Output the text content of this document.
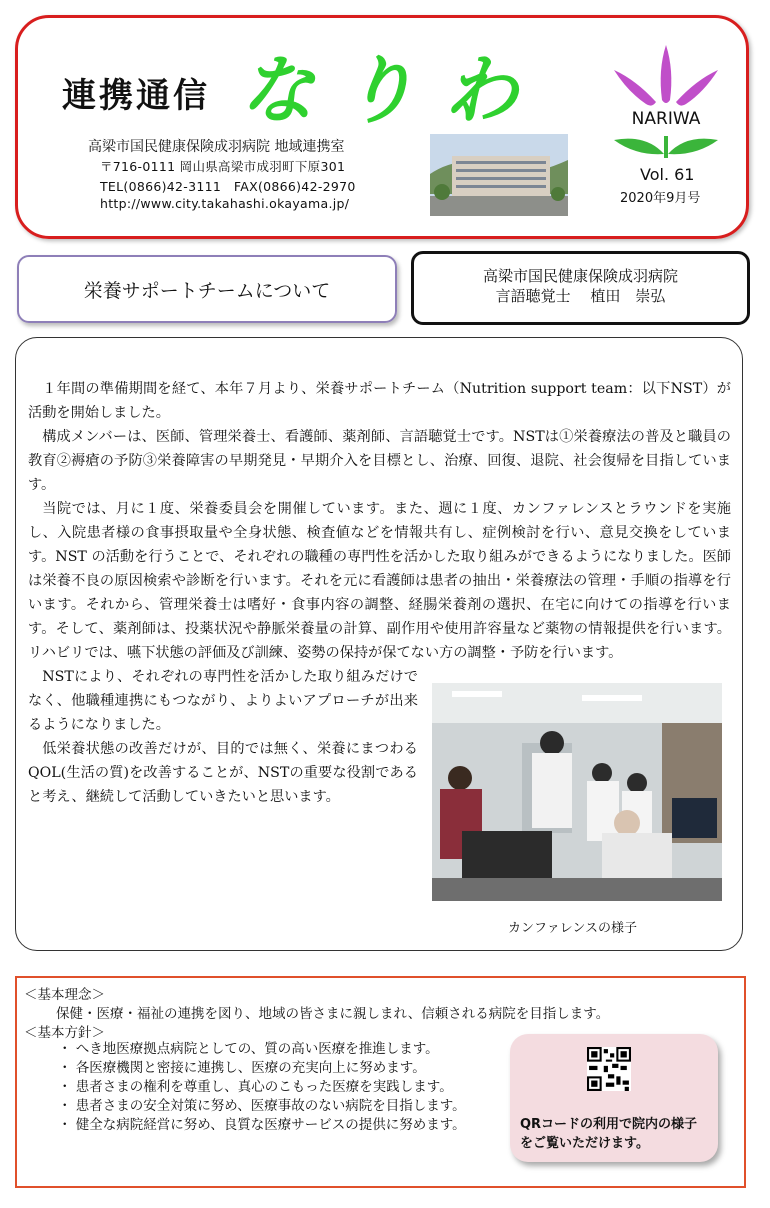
連携通信 なりわ
高梁市国民健康保険成羽病院 地域連携室
〒716-0111 岡山県高梁市成羽町下原301
TEL(0866)42-3111　FAX(0866)42-2970
http://www.city.takahashi.okayama.jp/
NARIWA
Vol. 61
2020年9月号
栄養サポートチームについて
高梁市国民健康保険成羽病院
言語聴覚士　 植田　崇弘

１年間の準備期間を経て、本年７月より、栄養サポートチーム（Nutrition support team：以下NST）が活動を開始しました。

構成メンバーは、医師、管理栄養士、看護師、薬剤師、言語聴覚士です。NSTは①栄養療法の普及と職員の教育②褥瘡の予防③栄養障害の早期発見・早期介入を目標とし、治療、回復、退院、社会復帰を目指しています。

当院では、月に１度、栄養委員会を開催しています。また、週に１度、カンファレンスとラウンドを実施し、入院患者様の食事摂取量や全身状態、検査値などを情報共有し、症例検討を行い、意見交換をしています。NST の活動を行うことで、それぞれの職種の専門性を活かした取り組みができるようになりました。医師は栄養不良の原因検索や診断を行います。それを元に看護師は患者の抽出・栄養療法の管理・手順の指導を行います。それから、管理栄養士は嗜好・食事内容の調整、経腸栄養剤の選択、在宅に向けての指導を行います。そして、薬剤師は、投薬状況や静脈栄養量の計算、副作用や使用許容量など薬物の情報提供を行います。リハビリでは、嚥下状態の評価及び訓練、姿勢の保持が保てない方の調整・予防を行います。

NSTにより、それぞれの専門性を活かした取り組みだけでなく、他職種連携にもつながり、よりよいアプローチが出来るようになりました。

低栄養状態の改善だけが、目的では無く、栄養にまつわるQOL(生活の質)を改善することが、NSTの重要な役割であると考え、継続して活動していきたいと思います。

カンファレンスの様子
＜基本理念＞
保健・医療・福祉の連携を図り、地域の皆さまに親しまれ、信頼される病院を目指します。
＜基本方針＞
・ へき地医療拠点病院としての、質の高い医療を推進します。
・ 各医療機関と密接に連携し、医療の充実向上に努めます。
・ 患者さまの権利を尊重し、真心のこもった医療を実践します。
・ 患者さまの安全対策に努め、医療事故のない病院を目指します。
・ 健全な病院経営に努め、良質な医療サービスの提供に努めます。	QRコードの利用で院内の様子をご覧いただけます。
